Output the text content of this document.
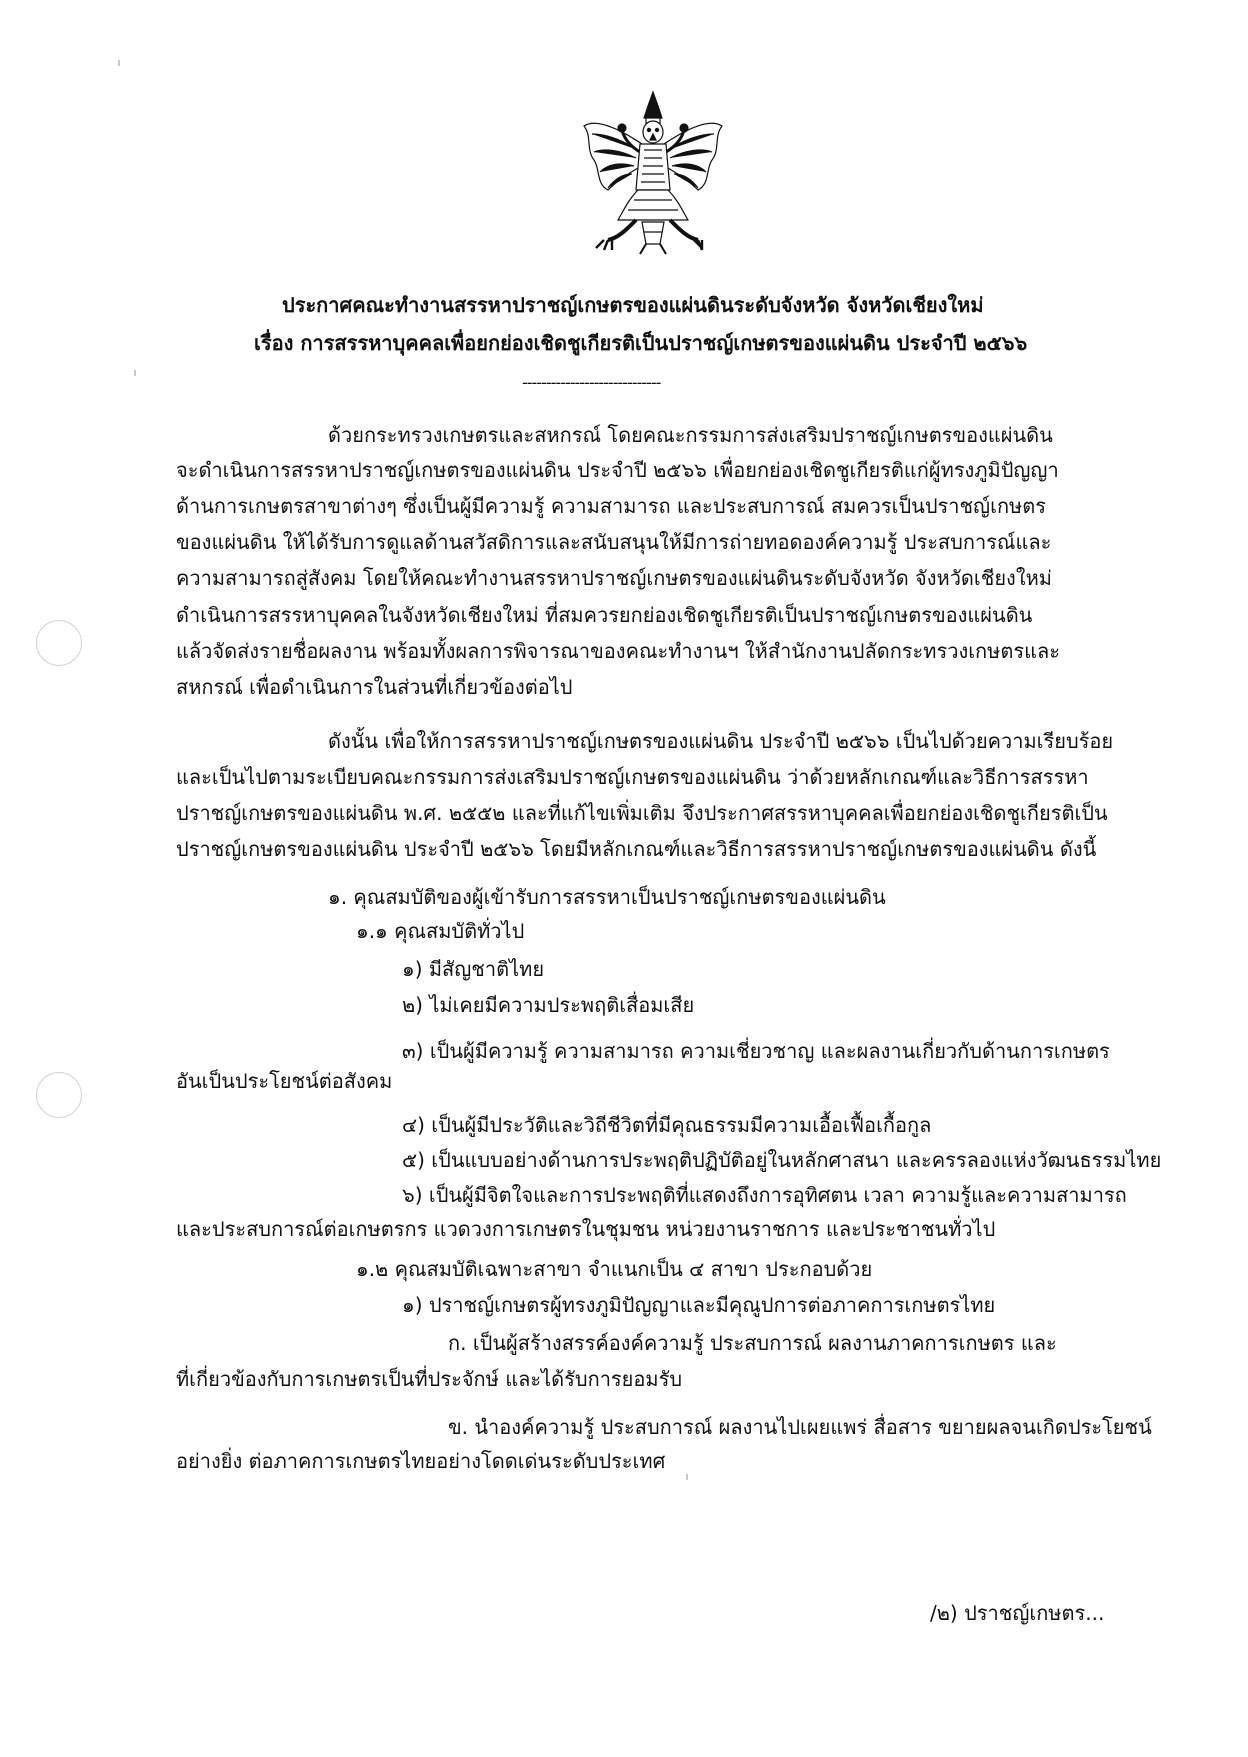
ประกาศคณะทำงานสรรหาปราชญ์เกษตรของแผ่นดินระดับจังหวัด จังหวัดเชียงใหม่

เรื่อง การสรรหาบุคคลเพื่อยกย่องเชิดชูเกียรติเป็นปราชญ์เกษตรของแผ่นดิน ประจำปี ๒๕๖๖

-----------------------------

ด้วยกระทรวงเกษตรและสหกรณ์ โดยคณะกรรมการส่งเสริมปราชญ์เกษตรของแผ่นดิน

จะดำเนินการสรรหาปราชญ์เกษตรของแผ่นดิน ประจำปี ๒๕๖๖ เพื่อยกย่องเชิดชูเกียรติแก่ผู้ทรงภูมิปัญญา

ด้านการเกษตรสาขาต่างๆ ซึ่งเป็นผู้มีความรู้ ความสามารถ และประสบการณ์ สมควรเป็นปราชญ์เกษตร

ของแผ่นดิน ให้ได้รับการดูแลด้านสวัสดิการและสนับสนุนให้มีการถ่ายทอดองค์ความรู้ ประสบการณ์และ

ความสามารถสู่สังคม โดยให้คณะทำงานสรรหาปราชญ์เกษตรของแผ่นดินระดับจังหวัด จังหวัดเชียงใหม่

ดำเนินการสรรหาบุคคลในจังหวัดเชียงใหม่ ที่สมควรยกย่องเชิดชูเกียรติเป็นปราชญ์เกษตรของแผ่นดิน

แล้วจัดส่งรายชื่อผลงาน พร้อมทั้งผลการพิจารณาของคณะทำงานฯ ให้สำนักงานปลัดกระทรวงเกษตรและ

สหกรณ์ เพื่อดำเนินการในส่วนที่เกี่ยวข้องต่อไป

ดังนั้น เพื่อให้การสรรหาปราชญ์เกษตรของแผ่นดิน ประจำปี ๒๕๖๖ เป็นไปด้วยความเรียบร้อย

และเป็นไปตามระเบียบคณะกรรมการส่งเสริมปราชญ์เกษตรของแผ่นดิน ว่าด้วยหลักเกณฑ์และวิธีการสรรหา

ปราชญ์เกษตรของแผ่นดิน พ.ศ. ๒๕๕๒ และที่แก้ไขเพิ่มเติม จึงประกาศสรรหาบุคคลเพื่อยกย่องเชิดชูเกียรติเป็น

ปราชญ์เกษตรของแผ่นดิน ประจำปี ๒๕๖๖ โดยมีหลักเกณฑ์และวิธีการสรรหาปราชญ์เกษตรของแผ่นดิน ดังนี้

๑. คุณสมบัติของผู้เข้ารับการสรรหาเป็นปราชญ์เกษตรของแผ่นดิน

๑.๑ คุณสมบัติทั่วไป

๑) มีสัญชาติไทย

๒) ไม่เคยมีความประพฤติเสื่อมเสีย

๓) เป็นผู้มีความรู้ ความสามารถ ความเชี่ยวชาญ และผลงานเกี่ยวกับด้านการเกษตร

อันเป็นประโยชน์ต่อสังคม

๔) เป็นผู้มีประวัติและวิถีชีวิตที่มีคุณธรรมมีความเอื้อเฟื้อเกื้อกูล

๕) เป็นแบบอย่างด้านการประพฤติปฏิบัติอยู่ในหลักศาสนา และครรลองแห่งวัฒนธรรมไทย

๖) เป็นผู้มีจิตใจและการประพฤติที่แสดงถึงการอุทิศตน เวลา ความรู้และความสามารถ

และประสบการณ์ต่อเกษตรกร แวดวงการเกษตรในชุมชน หน่วยงานราชการ และประชาชนทั่วไป

๑.๒ คุณสมบัติเฉพาะสาขา จำแนกเป็น ๔ สาขา ประกอบด้วย

๑) ปราชญ์เกษตรผู้ทรงภูมิปัญญาและมีคุณูปการต่อภาคการเกษตรไทย

ก. เป็นผู้สร้างสรรค์องค์ความรู้ ประสบการณ์ ผลงานภาคการเกษตร และ

ที่เกี่ยวข้องกับการเกษตรเป็นที่ประจักษ์ และได้รับการยอมรับ

ข. นำองค์ความรู้ ประสบการณ์ ผลงานไปเผยแพร่ สื่อสาร ขยายผลจนเกิดประโยชน์

อย่างยิ่ง ต่อภาคการเกษตรไทยอย่างโดดเด่นระดับประเทศ

/๒) ปราชญ์เกษตร...
